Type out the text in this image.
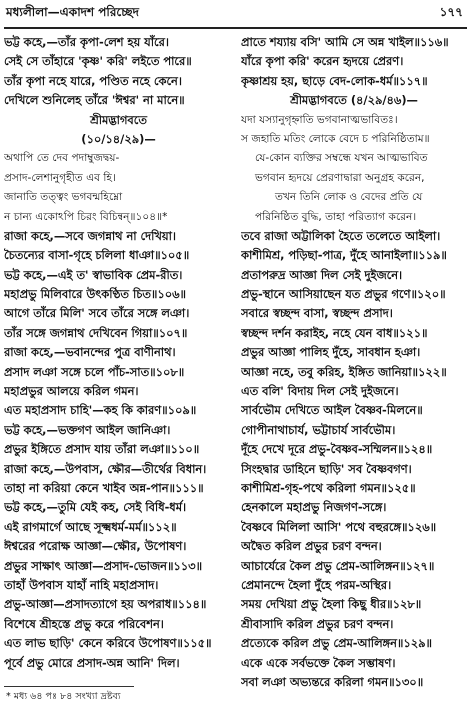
মধ্যলীলা—একাদশ পরিচ্ছেদ	১৭৭
ভট্ট কহে,—তাঁর কৃপা-লেশ হয় যাঁরে।
সেই সে তাঁহারে 'কৃষ্ণ' করি' লইতে পারে॥
তাঁর কৃপা নহে যারে, পণ্ডিত নহে কেনে।
দেখিলে শুনিলেহ তাঁরে 'ঈশ্বর' না মানে॥
শ্রীমদ্ভাগবতে
(১০/১৪/২৯)—
অথাপি তে দেব পদাম্বুজদ্বয়-
প্রসাদ-লেশানুগৃহীত এব হি।
জানাতি তত্ত্বং ভগবন্মহিম্নো
ন চান্য একোঽপি চিরং বিচিন্বন্॥১০৪॥*
রাজা কহে,—সবে জগন্নাথ না দেখিয়া।
চৈতন্যের বাসা-গৃহে চলিলা ধাঞা॥১০৫॥
ভট্ট কহে,—এই ত' স্বাভাবিক প্রেম-রীত।
মহাপ্রভু মিলিবারে উৎকণ্ঠিত চিত॥১০৬॥
আগে তাঁরে মিলি' সবে তাঁরে সঙ্গে লঞা।
তাঁর সঙ্গে জগন্নাথ দেখিবেন গিয়া॥১০৭॥
রাজা কহে,—ভবানন্দের পুত্র বাণীনাথ।
প্রসাদ লঞা সঙ্গে চলে পাঁচ-সাত॥১০৮॥
মহাপ্রভুর আলয়ে করিল গমন।
এত মহাপ্রসাদ চাহি'—কহ কি কারণ॥১০৯॥
ভট্ট কহে,—ভক্তগণ আইল জানিঞা।
প্রভুর ইঙ্গিতে প্রসাদ যায় তাঁরা লঞা॥১১০॥
রাজা কহে,—উপবাস, ক্ষৌর—তীর্থের বিধান।
তাহা না করিয়া কেনে খাইব অন্ন-পান॥১১১॥
ভট্ট কহে,—তুমি যেই কহ, সেই বিধি-ধর্ম।
এই রাগমার্গে আছে সূক্ষ্মধর্ম-মর্ম॥১১২॥
ঈশ্বরের পরোক্ষ আজ্ঞা—ক্ষৌর, উপোষণ।
প্রভুর সাক্ষাৎ আজ্ঞা—প্রসাদ-ভোজন॥১১৩॥
তাহাঁ উপবাস যাহাঁ নাহি মহাপ্রসাদ।
প্রভু-আজ্ঞা—প্রসাদত্যাগে হয় অপরাধ॥১১৪॥
বিশেষে শ্রীহস্তে প্রভু করে পরিবেশন।
এত লাভ ছাড়ি' কেনে করিবে উপোষণ॥১১৫॥
পূর্বে প্রভু মোরে প্রসাদ-অন্ন আনি' দিল।
প্রাতে শয্যায় বসি' আমি সে অন্ন খাইল॥১১৬॥
যাঁরে কৃপা করি' করেন হৃদয়ে প্রেরণ।
কৃষ্ণাশ্রয় হয়, ছাড়ে বেদ-লোক-ধর্ম॥১১৭॥
শ্রীমদ্ভাগবতে (৪/২৯/৪৬)—
যদা যস্যানুগৃহ্নাতি ভগবানাত্মভাবিতঃ।
স জহাতি মতিং লোকে বেদে চ পরিনিষ্ঠিতাম॥
যে-কোন ব্যক্তির সম্বন্ধে যখন আত্মভাবিত
ভগবান হৃদয়ে প্রেরণাদ্বারা অনুগ্রহ করেন,
তখন তিনি লোক ও বেদের প্রতি যে
পরিনিষ্ঠিত বুদ্ধি, তাহা পরিত্যাগ করেন।
তবে রাজা অট্টালিকা হৈতে তলেতে আইলা।
কাশীমিশ্র, পড়িছা-পাত্র, দুঁহে আনাইলা॥১১৯॥
প্রতাপরুদ্র আজ্ঞা দিল সেই দুইজনে।
প্রভু-স্থানে আসিয়াছেন যত প্রভুর গণে॥১২০॥
সবারে স্বচ্ছন্দ বাসা, স্বচ্ছন্দ প্রসাদ।
স্বচ্ছন্দ দর্শন করাইহ, নহে যেন বাধ॥১২১॥
প্রভুর আজ্ঞা পালিহ দুঁহে, সাবধান হঞা।
আজ্ঞা নহে, তবু করিহ, ইঙ্গিত জানিয়া॥১২২॥
এত বলি' বিদায় দিল সেই দুইজনে।
সার্বভৌম দেখিতে আইল বৈষ্ণব-মিলনে॥
গোপীনাথাচার্য, ভট্টাচার্য সার্বভৌম।
দূঁহে দেখে দূরে প্রভু-বৈষ্ণব-সম্মিলন॥১২৪॥
সিংহদ্বার ডাহিনে ছাড়ি' সব বৈষ্ণবগণ।
কাশীমিশ্র-গৃহ-পথে করিলা গমন॥১২৫॥
হেনকালে মহাপ্রভু নিজগণ-সঙ্গে।
বৈষ্ণবে মিলিলা আসি' পথে বহুরঙ্গে॥১২৬॥
অদ্বৈত করিল প্রভুর চরণ বন্দন।
আচার্যেরে কৈল প্রভু প্রেম-আলিঙ্গন॥১২৭॥
প্রেমানন্দে হৈলা দুঁহে পরম-অস্থির।
সময় দেখিয়া প্রভু হৈলা কিছু ধীর॥১২৮॥
শ্রীবাসাদি করিল প্রভুর চরণ বন্দন।
প্রত্যেকে করিল প্রভু প্রেম-আলিঙ্গন॥১২৯॥
একে একে সর্বভক্তে কৈল সম্ভাষণ।
সবা লঞা অভ্যন্তরে করিলা গমন॥১৩০॥
* মধ্য ৬৪ পঃ ৮৪ সংখ্যা দ্রষ্টব্য
